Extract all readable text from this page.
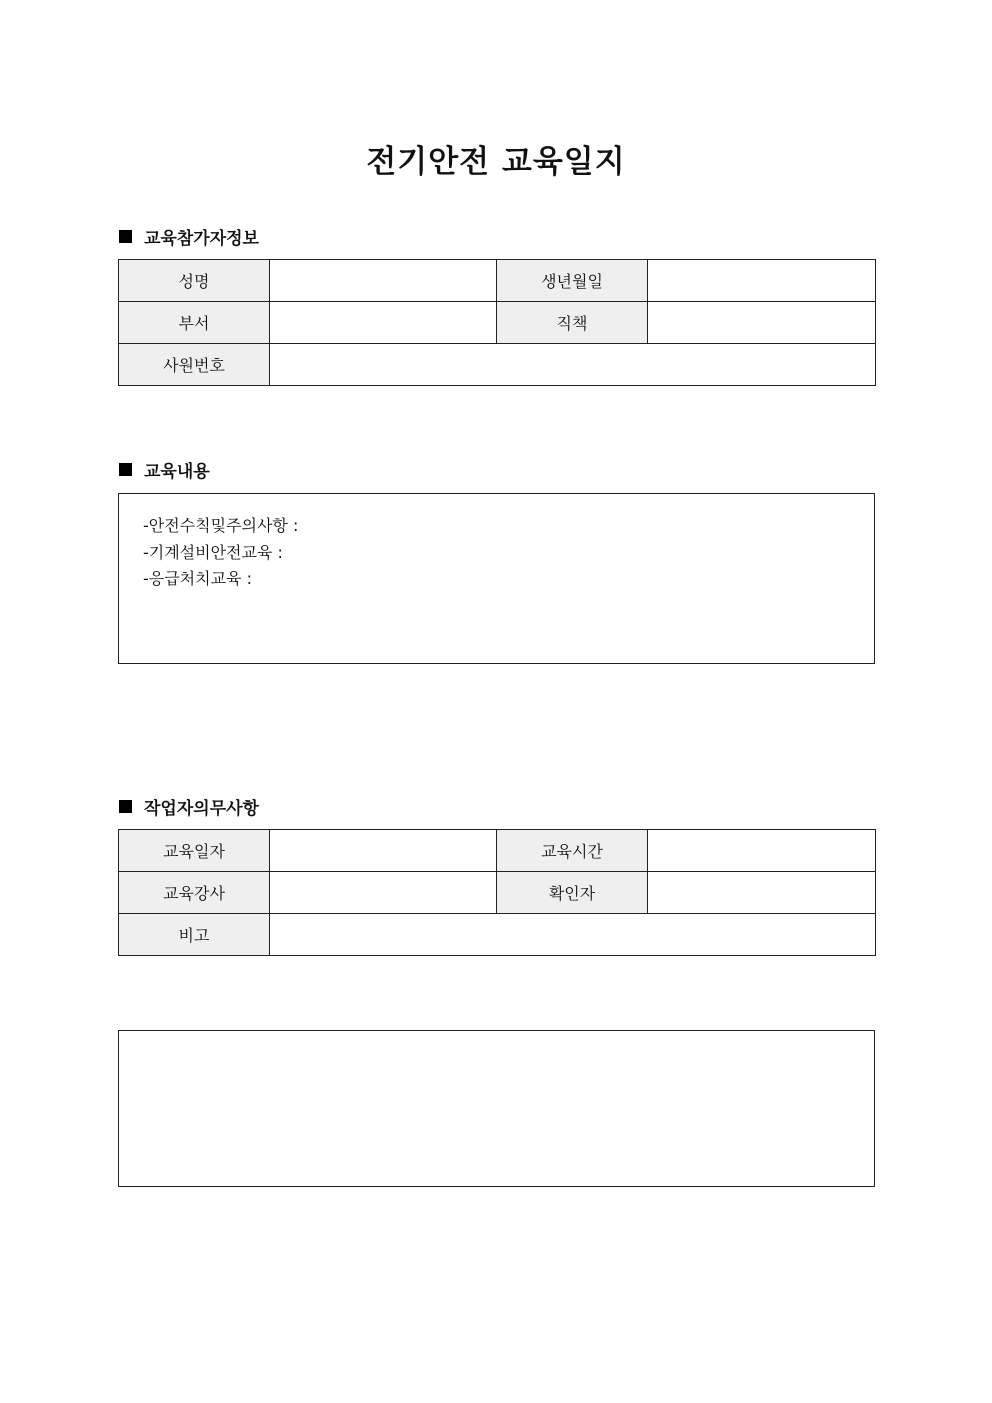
전기안전 교육일지
교육참가자정보
성명		생년월일	
부서		직책	
사원번호			
교육내용
-안전수칙및주의사항 :
-기계설비안전교육 :
-응급처치교육 :
작업자의무사항
교육일자		교육시간	
교육강사		확인자	
비고			
